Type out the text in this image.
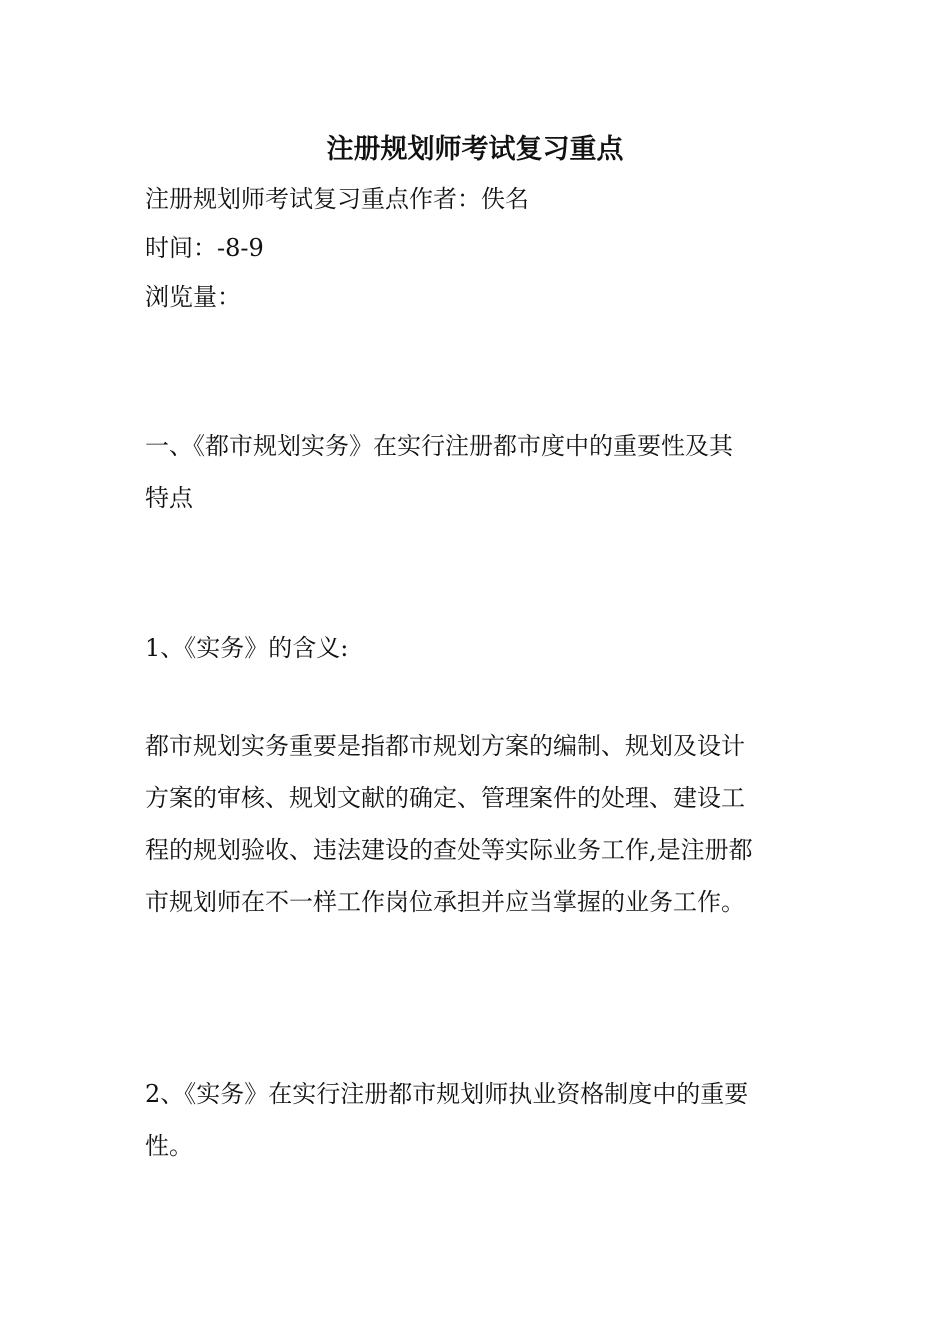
注册规划师考试复习重点

注册规划师考试复习重点作者：佚名

时间：-8-9

浏览量：

一、《都市规划实务》在实行注册都市度中的重要性及其
特点

1、《实务》的含义:

都市规划实务重要是指都市规划方案的编制、规划及设计
方案的审核、规划文献的确定、管理案件的处理、建设工
程的规划验收、违法建设的查处等实际业务工作,是注册都
市规划师在不一样工作岗位承担并应当掌握的业务工作。
2、《实务》在实行注册都市规划师执业资格制度中的重要
性。
